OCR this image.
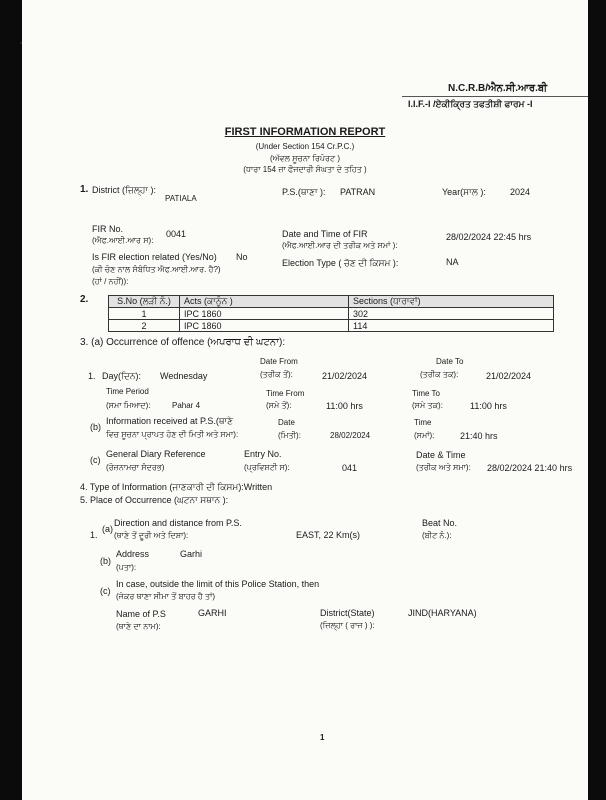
N.C.R.B/ਐਨ.ਸੀ.ਆਰ.ਬੀ
I.I.F.-I /ਏਕੀਕ੍ਰਿਤ ਤਫਤੀਸ਼ੀ ਫਾਰਮ -I
FIRST INFORMATION REPORT
(Under Section 154 Cr.P.C.)
(ਅੱਵਲ ਸੂਚਨਾ ਰਿਪੋਰਟ )
(ਧਾਰਾ 154 ਜ਼ਾ ਫੌਜਦਾਰੀ ਸੰਘਤਾ ਦੇ ਤਹਿਤ )
1. District (ਜ਼ਿਲ੍ਹਾ ):
PATIALA
P.S.(ਥਾਣਾ ): PATRAN	Year(ਸਾਲ ):	2024
FIR No.
(ਐਫ.ਆਈ.ਆਰ ਸ):
0041	Date and Time of FIR
(ਐਫ.ਆਈ.ਆਰ ਦੀ ਤਰੀਕ ਅਤੇ ਸਮਾਂ ):
28/02/2024 22:45 hrs
Is FIR election related (Yes/No)
(ਕੀ ਚੋਣ ਨਾਲ ਸੰਬੰਧਿਤ ਐਫ.ਆਈ.ਆਰ. ਹੈ?)
(ਹਾਂ / ਨਹੀਂ)):
No
Election Type ( ਚੋਣ ਦੀ ਕਿਸਮ ):	NA
2.	S.No (ਲੜੀ ਨੰ.)	Acts (ਕਾਨੂੰਨ )	Sections (ਧਾਰਾਵਾਂ)
1	IPC 1860	302
2	IPC 1860	114
3. (a) Occurrence of offence (ਅਪਰਾਧ ਦੀ ਘਟਨਾ):
Date From	Date To
1. Day(ਦਿਨ): Wednesday	(ਤਰੀਕ ਤੋਂ):	21/02/2024	(ਤਰੀਕ ਤਕ):	21/02/2024
Time Period	Time From	Time To
(ਸਮਾ ਮਿਆਦ):	Pahar 4	(ਸਮੇ ਤੋਂ):	11:00 hrs	(ਸਮੇ ਤਕ):	11:00 hrs
(b)
Information received at P.S.(ਥਾਣੇ
ਵਿਚ ਸੂਚਨਾ ਪ੍ਰਾਪਤ ਹੋਣ ਦੀ ਮਿਤੀ ਅਤੇ ਸਮਾ):
Date
(ਮਿਤੀ):	28/02/2024
Time
(ਸਮਾਂ):	21:40 hrs
(c)
General Diary Reference
(ਰੋਜ਼ਨਾਮਚਾ ਸੰਦਰਭ)
Entry No.
(ਪ੍ਰਵਿਸ਼ਟੀ ਸ):	041
Date & Time
(ਤਰੀਕ ਅਤੇ ਸਮਾ): 28/02/2024 21:40 hrs
4. Type of Information (ਜਾਣਕਾਰੀ ਦੀ ਕਿਸਮ):Written
5. Place of Occurrence (ਘਟਨਾ ਸਥਾਨ ):
1.
(a)
Direction and distance from P.S.
(ਥਾਣੇ ਤੋਂ ਦੂਰੀ ਅਤੇ ਦਿਸ਼ਾ):	EAST, 22 Km(s)
Beat No.
(ਬੀਟ ਨੰ.):
(b)
Address
(ਪਤਾ):
Garhi
(c)
In case, outside the limit of this Police Station, then
(ਜੇਕਰ ਥਾਣਾ ਸੀਮਾ ਤੋਂ ਬਾਹਰ ਹੈ ਤਾਂ)
Name of P.S
(ਥਾਣੇ ਦਾ ਨਾਮ):
GARHI	District(State)
(ਜ਼ਿਲ੍ਹਾ ( ਰਾਜ ) ):
JIND(HARYANA)
1
